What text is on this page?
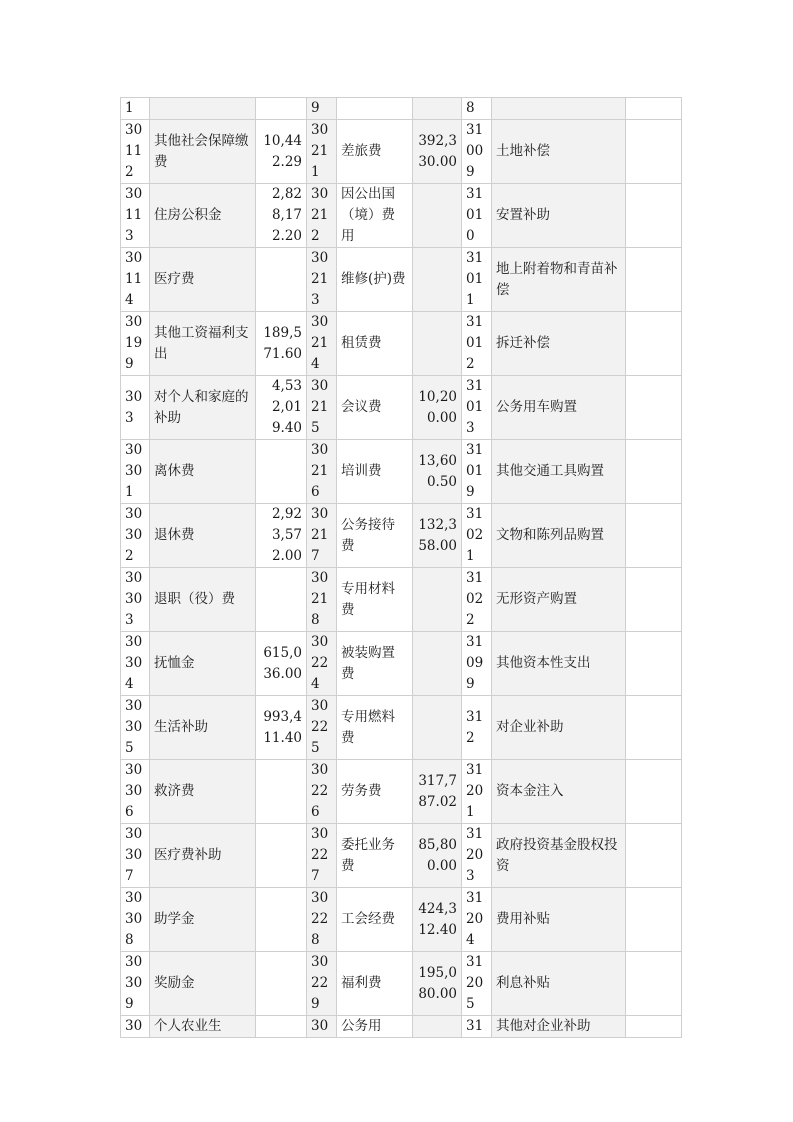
1			9			8		
30112	其他社会保障缴费	10,442.29	30211	差旅费	392,330.00	31009	土地补偿	
30113	住房公积金	2,828,172.20	30212	因公出国（境）费用		31010	安置补助	
30114	医疗费		30213	维修(护)费		31011	地上附着物和青苗补偿	
30199	其他工资福利支出	189,571.60	30214	租赁费		31012	拆迁补偿	
303	对个人和家庭的补助	4,532,019.40	30215	会议费	10,200.00	31013	公务用车购置	
30301	离休费		30216	培训费	13,600.50	31019	其他交通工具购置	
30302	退休费	2,923,572.00	30217	公务接待费	132,358.00	31021	文物和陈列品购置	
30303	退职（役）费		30218	专用材料费		31022	无形资产购置	
30304	抚恤金	615,036.00	30224	被装购置费		31099	其他资本性支出	
30305	生活补助	993,411.40	30225	专用燃料费		312	对企业补助	
30306	救济费		30226	劳务费	317,787.02	31201	资本金注入	
30307	医疗费补助		30227	委托业务费	85,800.00	31203	政府投资基金股权投资	
30308	助学金		30228	工会经费	424,312.40	31204	费用补贴	
30309	奖励金		30229	福利费	195,080.00	31205	利息补贴	
30	个人农业生		30	公务用		31	其他对企业补助	
